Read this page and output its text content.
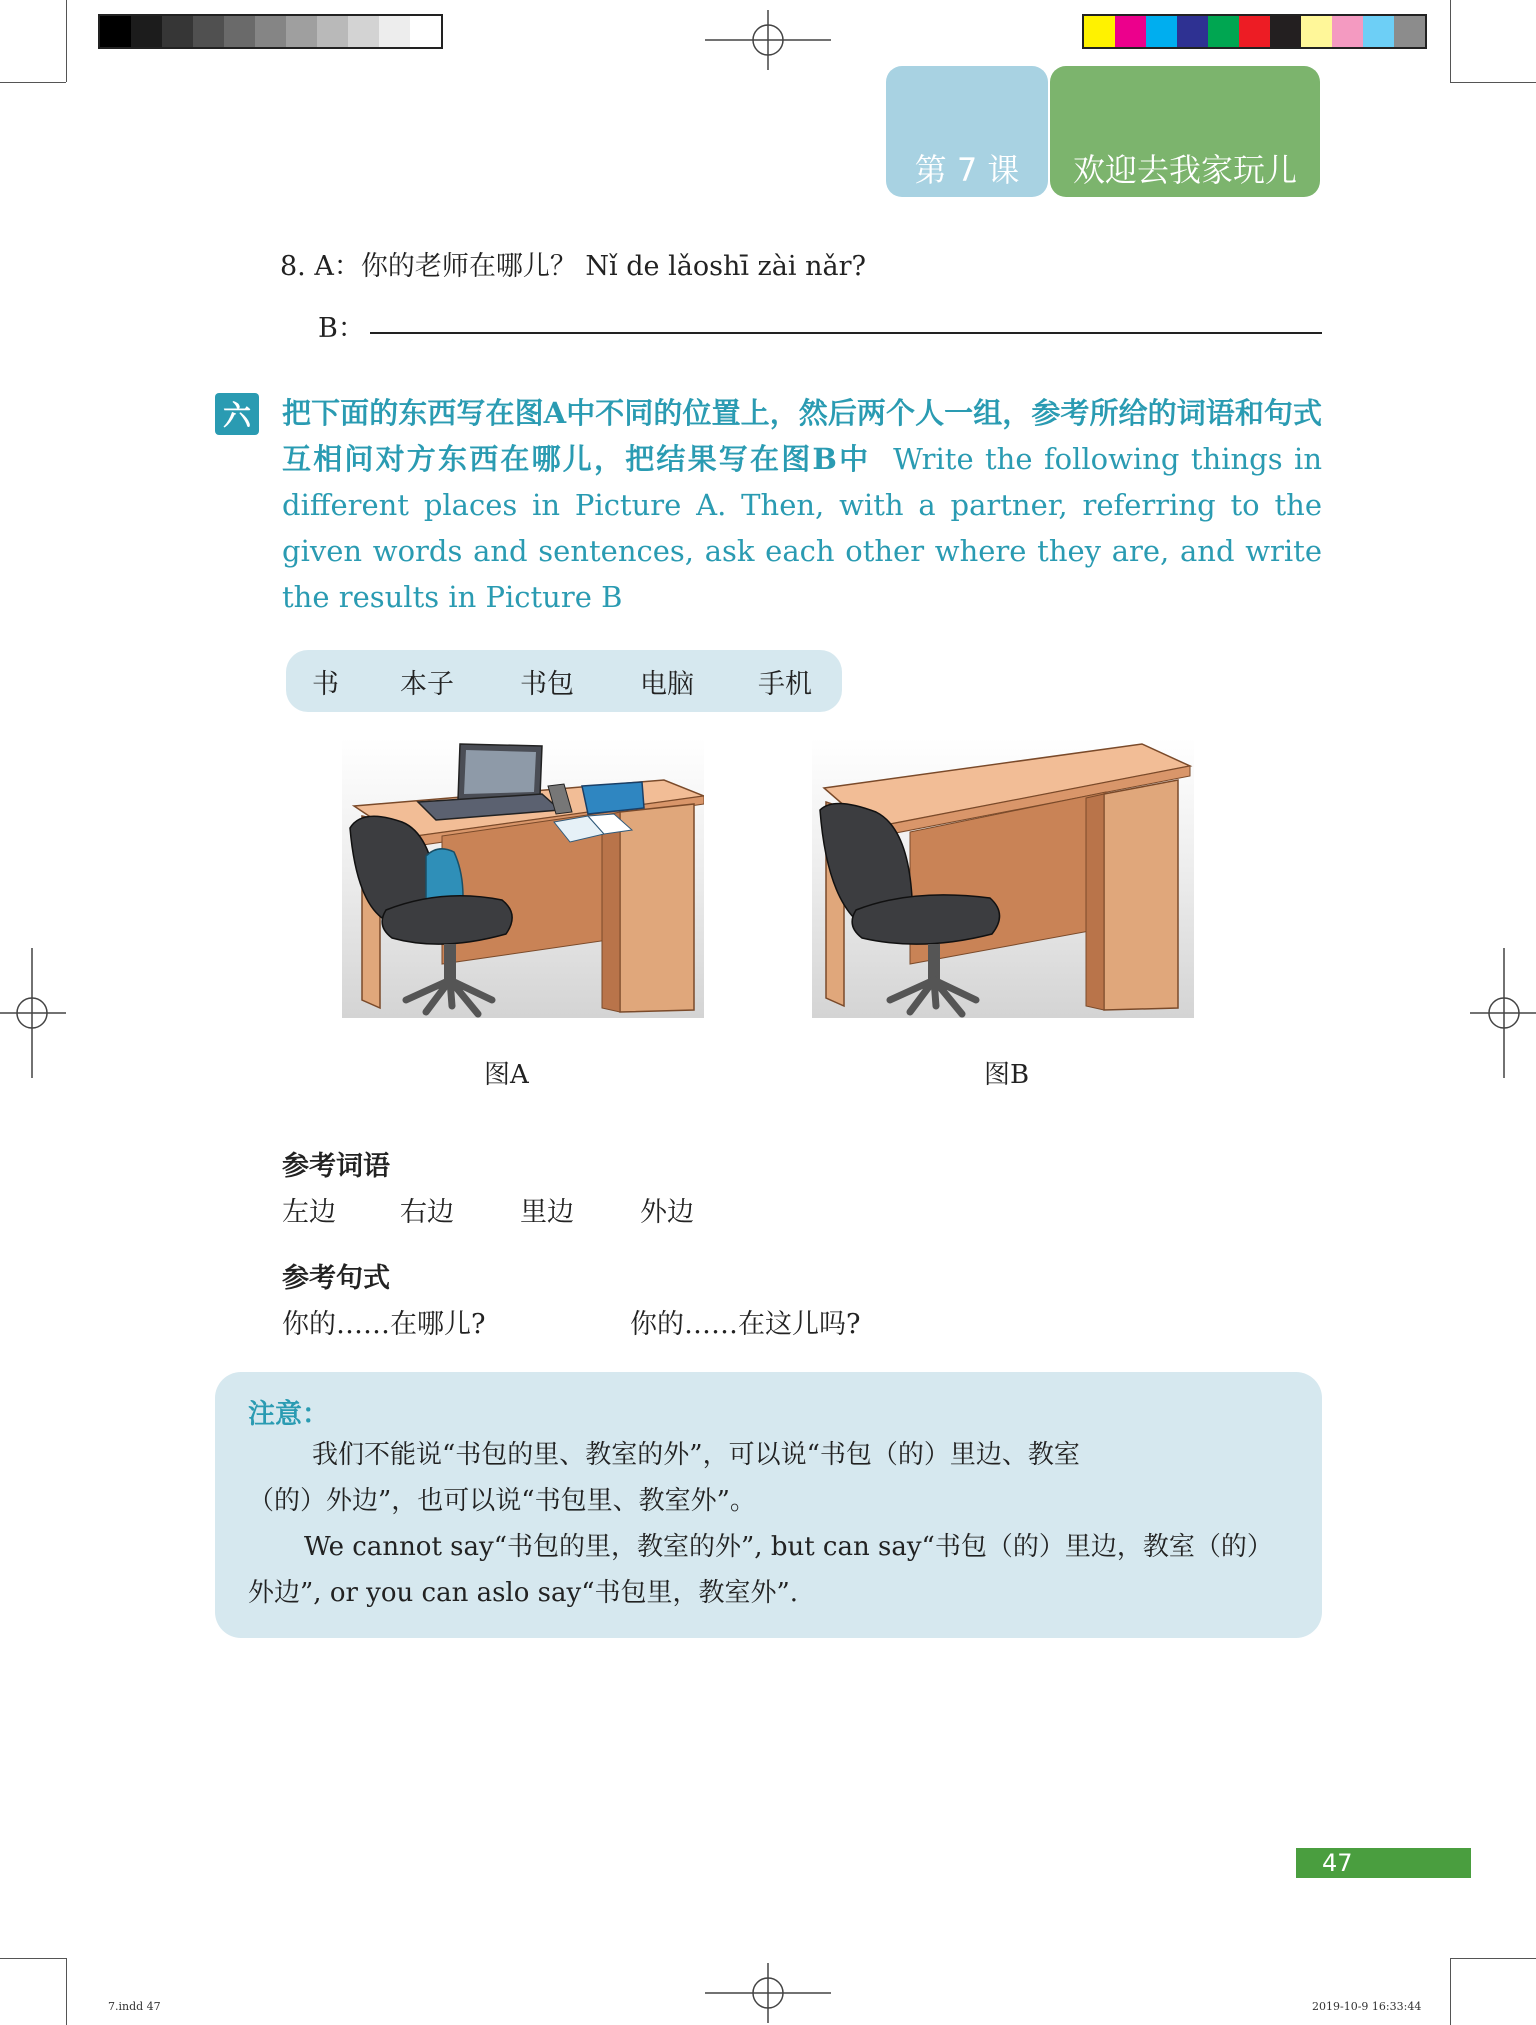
第 7 课 欢迎去我家玩儿
8. A：你的老师在哪儿？ Nǐ de lǎoshī zài nǎr?
B：
六 把下面的东西写在图A中不同的位置上，然后两个人一组，参考所给的词语和句式互相问对方东西在哪儿，把结果写在图B中 Write the following things in different places in Picture A. Then, with a partner, referring to the given words and sentences, ask each other where they are, and write the results in Picture B
书	本子	书包	电脑	手机
图A	图B
参考词语
左边 右边 里边 外边
参考句式
你的……在哪儿?	你的……在这儿吗?
注意：
我们不能说“书包的里、教室的外”，可以说“书包（的）里边、教室
（的）外边”，也可以说“书包里、教室外”。
We cannot say“书包的里，教室的外”, but can say“书包（的）里边，教室（的）
外边”, or you can aslo say“书包里，教室外”.
47
7.indd 47	2019-10-9 16:33:44
